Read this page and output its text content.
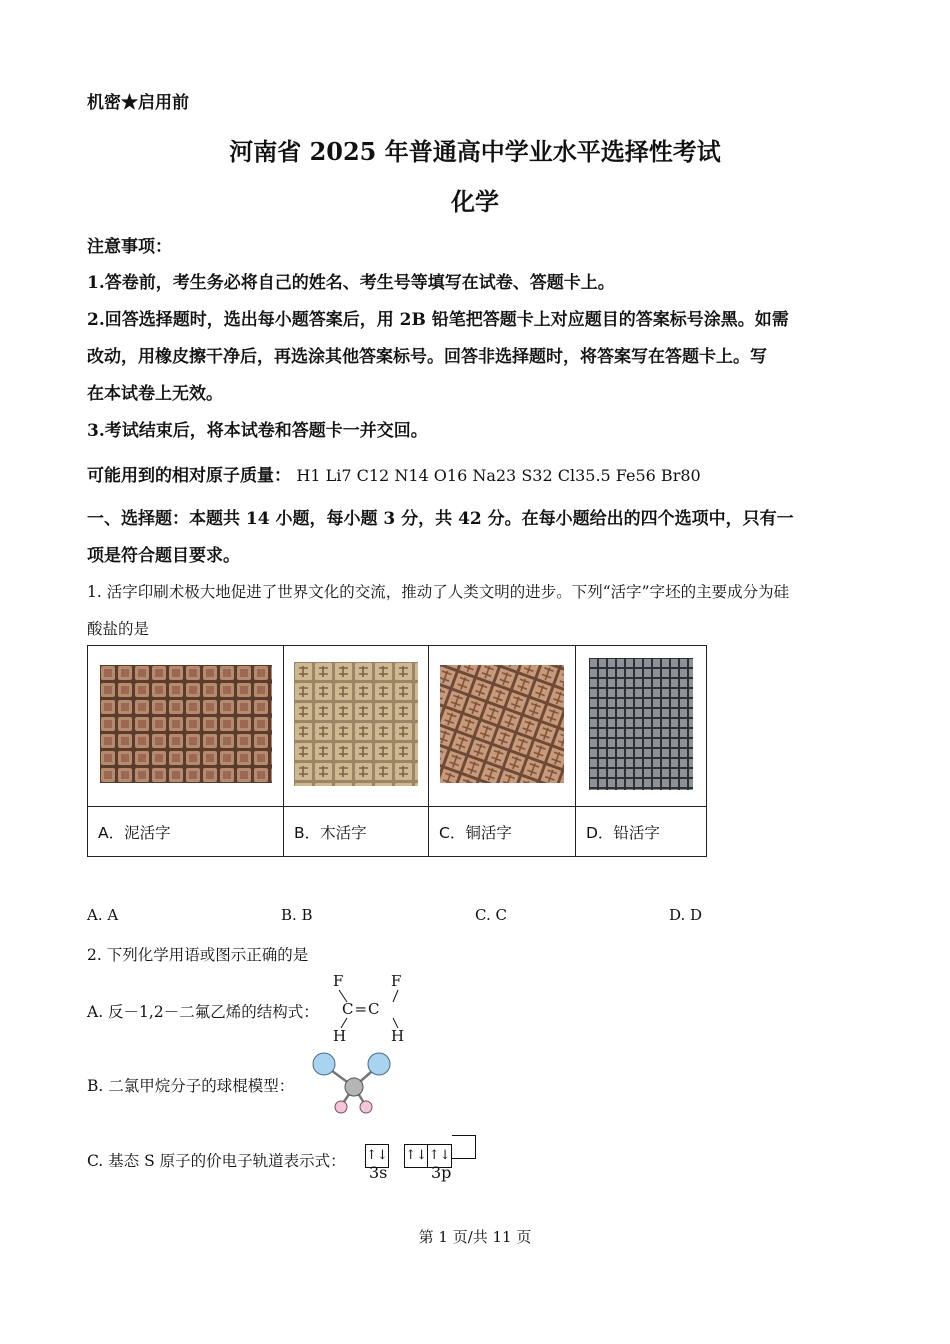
机密★启用前
河南省 2025 年普通高中学业水平选择性考试
化学
注意事项：
1.答卷前，考生务必将自己的姓名、考生号等填写在试卷、答题卡上。
2.回答选择题时，选出每小题答案后，用 2B 铅笔把答题卡上对应题目的答案标号涂黑。如需
改动，用橡皮擦干净后，再选涂其他答案标号。回答非选择题时，将答案写在答题卡上。写
在本试卷上无效。
3.考试结束后，将本试卷和答题卡一并交回。
可能用到的相对原子质量： H1 Li7 C12 N14 O16 Na23 S32 Cl35.5 Fe56 Br80
一、选择题：本题共 14 小题，每小题 3 分，共 42 分。在每小题给出的四个选项中，只有一
项是符合题目要求。
1. 活字印刷术极大地促进了世界文化的交流，推动了人类文明的进步。下列“活字”字坯的主要成分为硅
酸盐的是

A．泥活字	B．木活字	C．铜活字	D．铅活字
A. A	B. B	C. C	D. D
2. 下列化学用语或图示正确的是
A. 反－1,2－二氟乙烯的结构式：
F	F
C=C
H	H
B. 二氯甲烷分子的球棍模型：
C. 基态 S 原子的价电子轨道表示式： ↑↓ ↑↓ ↑↓
3s	3p
第 1 页/共 11 页
